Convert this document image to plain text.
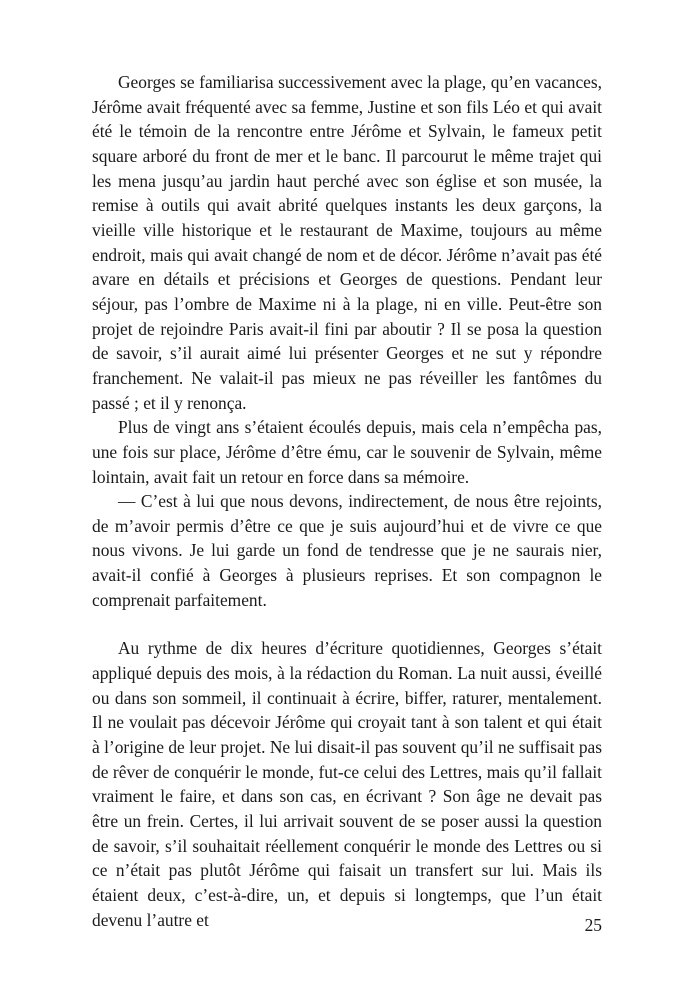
Georges se familiarisa successivement avec la plage, qu’en vacances, Jérôme avait fréquenté avec sa femme, Justine et son fils Léo et qui avait été le témoin de la rencontre entre Jérôme et Sylvain, le fameux petit square arboré du front de mer et le banc. Il parcourut le même trajet qui les mena jusqu’au jardin haut perché avec son église et son musée, la remise à outils qui avait abrité quelques instants les deux garçons, la vieille ville historique et le restaurant de Maxime, toujours au même endroit, mais qui avait changé de nom et de décor. Jérôme n’avait pas été avare en détails et précisions et Georges de questions. Pendant leur séjour, pas l’ombre de Maxime ni à la plage, ni en ville. Peut-être son projet de rejoindre Paris avait-il fini par aboutir ? Il se posa la question de savoir, s’il aurait aimé lui présenter Georges et ne sut y répondre franchement. Ne valait-il pas mieux ne pas réveiller les fantômes du passé ; et il y renonça.

Plus de vingt ans s’étaient écoulés depuis, mais cela n’empêcha pas, une fois sur place, Jérôme d’être ému, car le souvenir de Sylvain, même lointain, avait fait un retour en force dans sa mémoire.

— C’est à lui que nous devons, indirectement, de nous être rejoints, de m’avoir permis d’être ce que je suis aujourd’hui et de vivre ce que nous vivons. Je lui garde un fond de tendresse que je ne saurais nier, avait-il confié à Georges à plusieurs reprises. Et son compagnon le comprenait parfaitement.

Au rythme de dix heures d’écriture quotidiennes, Georges s’était appliqué depuis des mois, à la rédaction du Roman. La nuit aussi, éveillé ou dans son sommeil, il continuait à écrire, biffer, raturer, mentalement. Il ne voulait pas décevoir Jérôme qui croyait tant à son talent et qui était à l’origine de leur projet. Ne lui disait-il pas souvent qu’il ne suffisait pas de rêver de conquérir le monde, fut-ce celui des Lettres, mais qu’il fallait vraiment le faire, et dans son cas, en écrivant ? Son âge ne devait pas être un frein. Certes, il lui arrivait souvent de se poser aussi la question de savoir, s’il souhaitait réellement conquérir le monde des Lettres ou si ce n’était pas plutôt Jérôme qui faisait un transfert sur lui. Mais ils étaient deux, c’est-à-dire, un, et depuis si longtemps, que l’un était devenu l’autre et	25
